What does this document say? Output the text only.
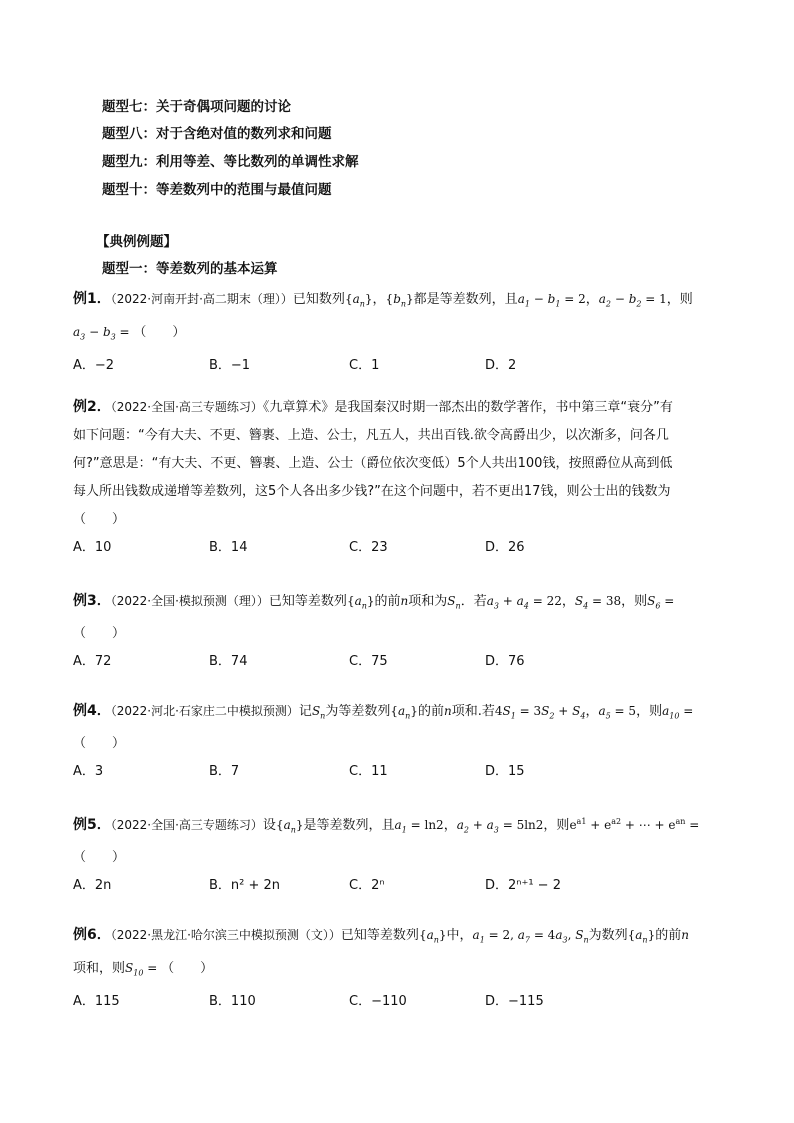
题型七：关于奇偶项问题的讨论
题型八：对于含绝对值的数列求和问题
题型九：利用等差、等比数列的单调性求解
题型十：等差数列中的范围与最值问题
【典例例题】
题型一：等差数列的基本运算
例1．（2022·河南开封·高二期末（理））已知数列$\{a_n\}$，$\{b_n\}$都是等差数列，且$a_1 - b_1 = 2$，$a_2 - b_2 = 1$，则
$a_3 - b_3$ = （　　）
A．−2	B．−1	C．1	D．2
例2．（2022·全国·高三专题练习）《九章算术》是我国秦汉时期一部杰出的数学著作，书中第三章“衰分”有
如下问题：“今有大夫、不更、簪裹、上造、公士，凡五人，共出百钱.欲令高爵出少，以次渐多，问各几
何?”意思是：“有大夫、不更、簪裹、上造、公士（爵位依次变低）5个人共出100钱，按照爵位从高到低
每人所出钱数成递增等差数列，这5个人各出多少钱?”在这个问题中，若不更出17钱，则公士出的钱数为
（　　）
A．10	B．14	C．23	D．26
例3．（2022·全国·模拟预测（理））已知等差数列$\{a_n\}$的前n项和为$S_n$．若$a_3 + a_4 = 22$，$S_4 = 38$，则$S_6$ =
（　　）
A．72	B．74	C．75	D．76
例4．（2022·河北·石家庄二中模拟预测）记$S_n$为等差数列$\{a_n\}$的前n项和.若$4S_1 = 3S_2 + S_4$，$a_5 = 5$，则$a_{10}$ =
（　　）
A．3	B．7	C．11	D．15
例5．（2022·全国·高三专题练习）设$\{a_n\}$是等差数列，且$a_1 = \ln 2$，$a_2 + a_3 = 5\ln 2$，则$e^{a1} + e^{a2}$ + ⋯ + $e^{an}$ =
（　　）
A．2n	B．n² + 2n	C．2ⁿ	D．2ⁿ⁺¹ − 2
例6．（2022·黑龙江·哈尔滨三中模拟预测（文））已知等差数列$\{a_n\}$中，$a_1 = 2$, $a_7 = 4a_3$, $S_n$为数列$\{a_n\}$的前n
项和，则$S_{10}$ = （　　）
A．115	B．110	C．−110	D．−115
